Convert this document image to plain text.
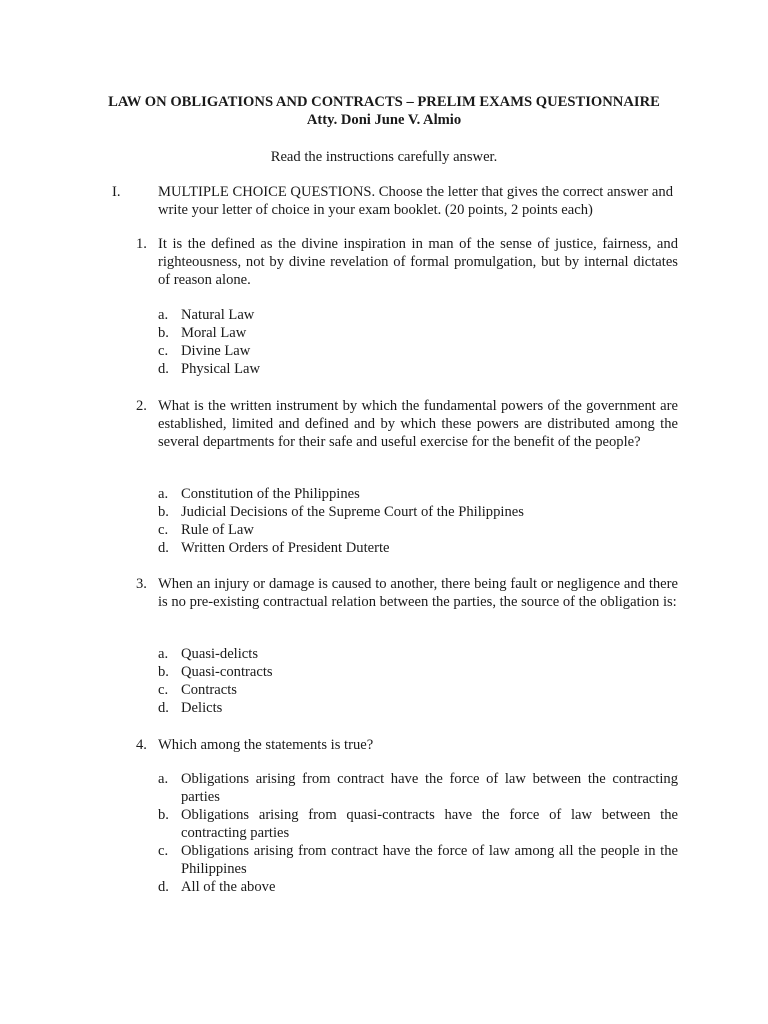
LAW ON OBLIGATIONS AND CONTRACTS – PRELIM EXAMS QUESTIONNAIRE
Atty. Doni June V. Almio
Read the instructions carefully answer.
I.	MULTIPLE CHOICE QUESTIONS. Choose the letter that gives the correct answer and write your letter of choice in your exam booklet. (20 points, 2 points each)
1. It is the defined as the divine inspiration in man of the sense of justice, fairness, and righteousness, not by divine revelation of formal promulgation, but by internal dictates of reason alone.
a. Natural Law
b. Moral Law
c. Divine Law
d. Physical Law
2. What is the written instrument by which the fundamental powers of the government are established, limited and defined and by which these powers are distributed among the several departments for their safe and useful exercise for the benefit of the people?
a. Constitution of the Philippines
b. Judicial Decisions of the Supreme Court of the Philippines
c. Rule of Law
d. Written Orders of President Duterte
3. When an injury or damage is caused to another, there being fault or negligence and there is no pre-existing contractual relation between the parties, the source of the obligation is:
a. Quasi-delicts
b. Quasi-contracts
c. Contracts
d. Delicts
4. Which among the statements is true?
a. Obligations arising from contract have the force of law between the contracting parties
b. Obligations arising from quasi-contracts have the force of law between the contracting parties
c. Obligations arising from contract have the force of law among all the people in the Philippines
d. All of the above
